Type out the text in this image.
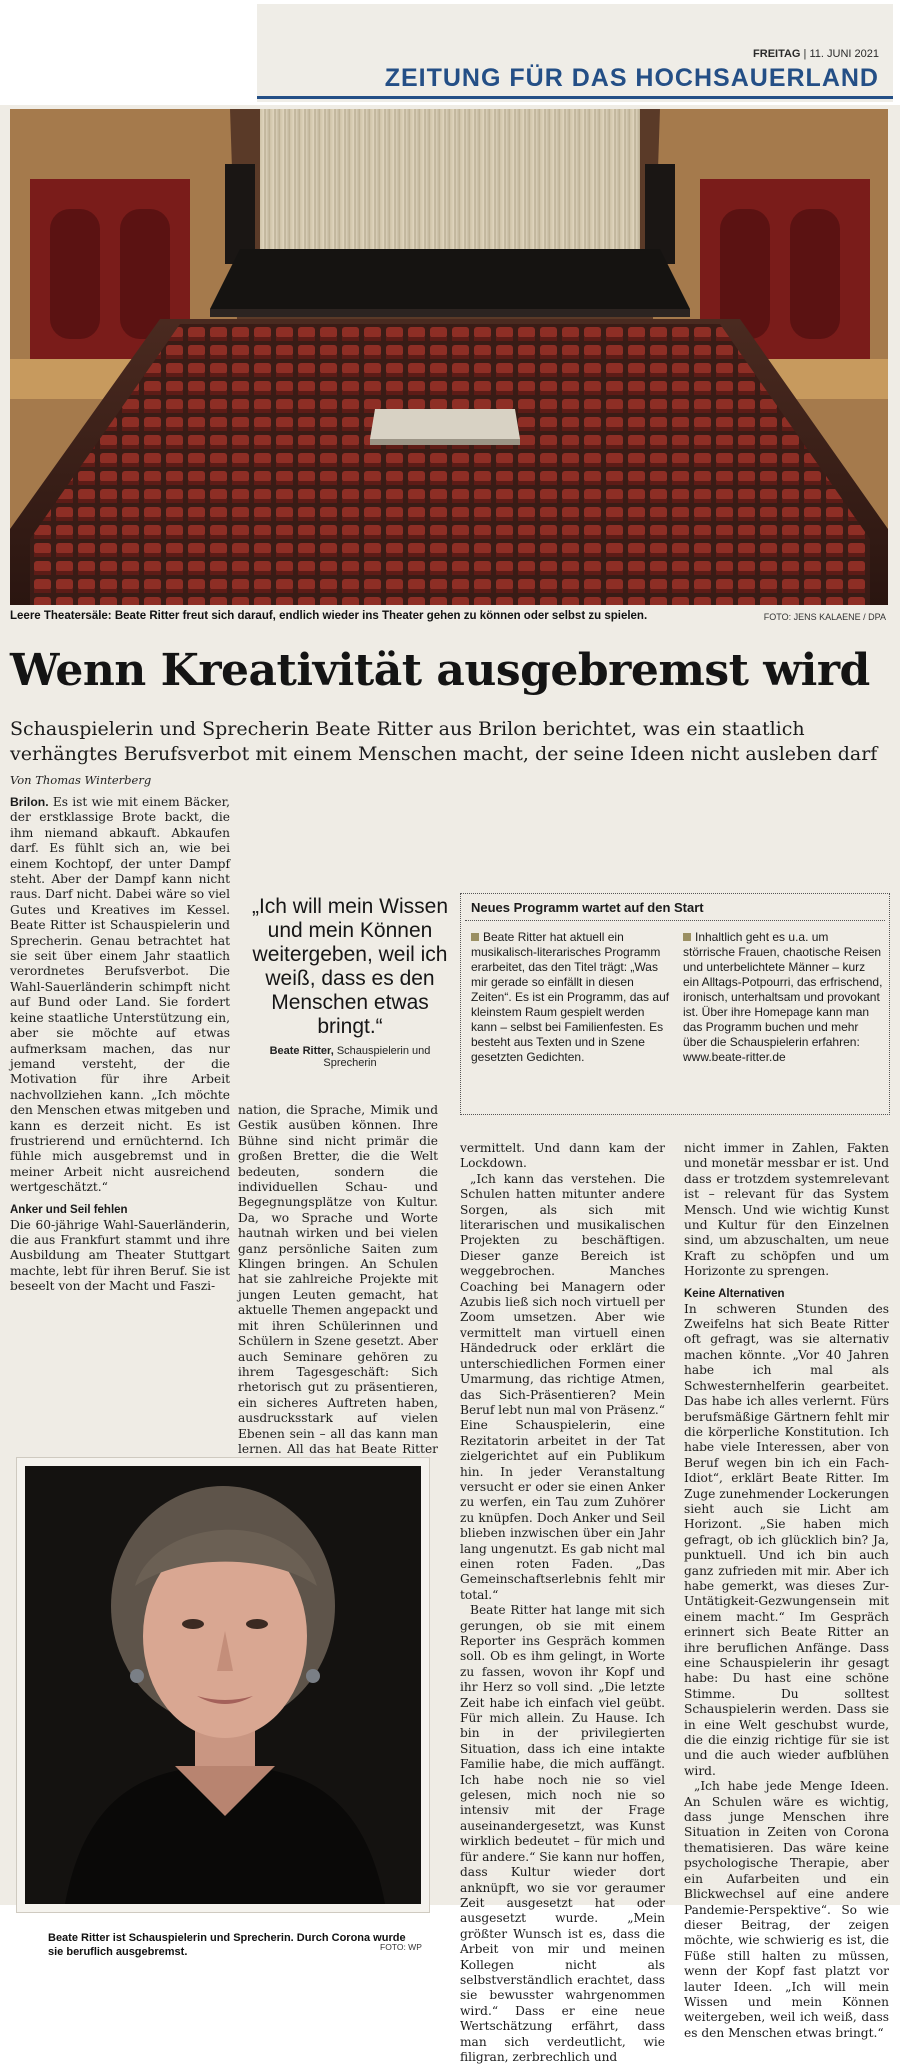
FREITAG | 11. JUNI 2021
ZEITUNG FÜR DAS HOCHSAUERLAND
Leere Theatersäle: Beate Ritter freut sich darauf, endlich wieder ins Theater gehen zu können oder selbst zu spielen.	FOTO: JENS KALAENE / DPA
Wenn Kreativität ausgebremst wird
Schauspielerin und Sprecherin Beate Ritter aus Brilon berichtet, was ein staatlich verhängtes Berufsverbot mit einem Menschen macht, der seine Ideen nicht ausleben darf
Von Thomas Winterberg

Brilon. Es ist wie mit einem Bäcker, der erstklassige Brote backt, die ihm niemand abkauft. Abkaufen darf. Es fühlt sich an, wie bei einem Kochtopf, der unter Dampf steht. Aber der Dampf kann nicht raus. Darf nicht. Dabei wäre so viel Gutes und Kreatives im Kessel. Beate Ritter ist Schauspielerin und Sprecherin. Genau betrachtet hat sie seit über einem Jahr staatlich verordnetes Berufsverbot. Die Wahl-Sauerländerin schimpft nicht auf Bund oder Land. Sie fordert keine staatliche Unterstützung ein, aber sie möchte auf etwas aufmerksam machen, das nur jemand versteht, der die Motivation für ihre Arbeit nachvollziehen kann. „Ich möchte den Menschen etwas mitgeben und kann es derzeit nicht. Es ist frustrierend und ernüchternd. Ich fühle mich ausgebremst und in meiner Arbeit nicht ausreichend wertgeschätzt.“

Anker und Seil fehlen

Die 60-jährige Wahl-Sauerländerin, die aus Frankfurt stammt und ihre Ausbildung am Theater Stuttgart machte, lebt für ihren Beruf. Sie ist beseelt von der Macht und Faszi-

„Ich will mein Wissen und mein Können weitergeben, weil ich weiß, dass es den Menschen etwas bringt.“
Beate Ritter, Schauspielerin und Sprecherin

nation, die Sprache, Mimik und Gestik ausüben können. Ihre Bühne sind nicht primär die großen Bretter, die die Welt bedeuten, sondern die individuellen Schau- und Begegnungsplätze von Kultur. Da, wo Sprache und Worte hautnah wirken und bei vielen ganz persönliche Saiten zum Klingen bringen. An Schulen hat sie zahlreiche Projekte mit jungen Leuten gemacht, hat aktuelle Themen angepackt und mit ihren Schülerinnen und Schülern in Szene gesetzt. Aber auch Seminare gehören zu ihrem Tagesgeschäft: Sich rhetorisch gut zu präsentieren, ein sicheres Auftreten haben, ausdrucksstark auf vielen Ebenen sein – all das kann man lernen. All das hat Beate Ritter

Neues Programm wartet auf den Start
Beate Ritter hat aktuell ein musikalisch-literarisches Programm erarbeitet, das den Titel trägt: „Was mir gerade so einfällt in diesen Zeiten“. Es ist ein Programm, das auf kleinstem Raum gespielt werden kann – selbst bei Familienfesten. Es besteht aus Texten und in Szene gesetzten Gedichten.
Inhaltlich geht es u.a. um störrische Frauen, chaotische Reisen und unterbelichtete Männer – kurz ein Alltags-Potpourri, das erfrischend, ironisch, unterhaltsam und provokant ist. Über ihre Homepage kann man das Programm buchen und mehr über die Schauspielerin erfahren: www.beate-ritter.de

vermittelt. Und dann kam der Lockdown.

„Ich kann das verstehen. Die Schulen hatten mitunter andere Sorgen, als sich mit literarischen und musikalischen Projekten zu beschäftigen. Dieser ganze Bereich ist weggebrochen. Manches Coaching bei Managern oder Azubis ließ sich noch virtuell per Zoom umsetzen. Aber wie vermittelt man virtuell einen Händedruck oder erklärt die unterschiedlichen Formen einer Umarmung, das richtige Atmen, das Sich-Präsentieren? Mein Beruf lebt nun mal von Präsenz.“ Eine Schauspielerin, eine Rezitatorin arbeitet in der Tat zielgerichtet auf ein Publikum hin. In jeder Veranstaltung versucht er oder sie einen Anker zu werfen, ein Tau zum Zuhörer zu knüpfen. Doch Anker und Seil blieben inzwischen über ein Jahr lang ungenutzt. Es gab nicht mal einen roten Faden. „Das Gemeinschaftserlebnis fehlt mir total.“

Beate Ritter hat lange mit sich gerungen, ob sie mit einem Reporter ins Gespräch kommen soll. Ob es ihm gelingt, in Worte zu fassen, wovon ihr Kopf und ihr Herz so voll sind. „Die letzte Zeit habe ich einfach viel geübt. Für mich allein. Zu Hause. Ich bin in der privilegierten Situation, dass ich eine intakte Familie habe, die mich auffängt. Ich habe noch nie so viel gelesen, mich noch nie so intensiv mit der Frage auseinandergesetzt, was Kunst wirklich bedeutet – für mich und für andere.“ Sie kann nur hoffen, dass Kultur wieder dort anknüpft, wo sie vor geraumer Zeit ausgesetzt hat oder ausgesetzt wurde. „Mein größter Wunsch ist es, dass die Arbeit von mir und meinen Kollegen nicht als selbstverständlich erachtet, dass sie bewusster wahrgenommen wird.“ Dass er eine neue Wertschätzung erfährt, dass man sich verdeutlicht, wie filigran, zerbrechlich und

nicht immer in Zahlen, Fakten und monetär messbar er ist. Und dass er trotzdem systemrelevant ist – relevant für das System Mensch. Und wie wichtig Kunst und Kultur für den Einzelnen sind, um abzuschalten, um neue Kraft zu schöpfen und um Horizonte zu sprengen.

Keine Alternativen

In schweren Stunden des Zweifelns hat sich Beate Ritter oft gefragt, was sie alternativ machen könnte. „Vor 40 Jahren habe ich mal als Schwesternhelferin gearbeitet. Das habe ich alles verlernt. Fürs berufsmäßige Gärtnern fehlt mir die körperliche Konstitution. Ich habe viele Interessen, aber von Beruf wegen bin ich ein Fach-Idiot“, erklärt Beate Ritter. Im Zuge zunehmender Lockerungen sieht auch sie Licht am Horizont. „Sie haben mich gefragt, ob ich glücklich bin? Ja, punktuell. Und ich bin auch ganz zufrieden mit mir. Aber ich habe gemerkt, was dieses Zur-Untätigkeit-Gezwungensein mit einem macht.“ Im Gespräch erinnert sich Beate Ritter an ihre beruflichen Anfänge. Dass eine Schauspielerin ihr gesagt habe: Du hast eine schöne Stimme. Du solltest Schauspielerin werden. Dass sie in eine Welt geschubst wurde, die die einzig richtige für sie ist und die auch wieder aufblühen wird.

„Ich habe jede Menge Ideen. An Schulen wäre es wichtig, dass junge Menschen ihre Situation in Zeiten von Corona thematisieren. Das wäre keine psychologische Therapie, aber ein Aufarbeiten und ein Blickwechsel auf eine andere Pandemie-Perspektive“. So wie dieser Beitrag, der zeigen möchte, wie schwierig es ist, die Füße still halten zu müssen, wenn der Kopf fast platzt vor lauter Ideen. „Ich will mein Wissen und mein Können weitergeben, weil ich weiß, dass es den Menschen etwas bringt.“

Beate Ritter ist Schauspielerin und Sprecherin. Durch Corona wurde sie beruflich ausgebremst.	FOTO: WP
